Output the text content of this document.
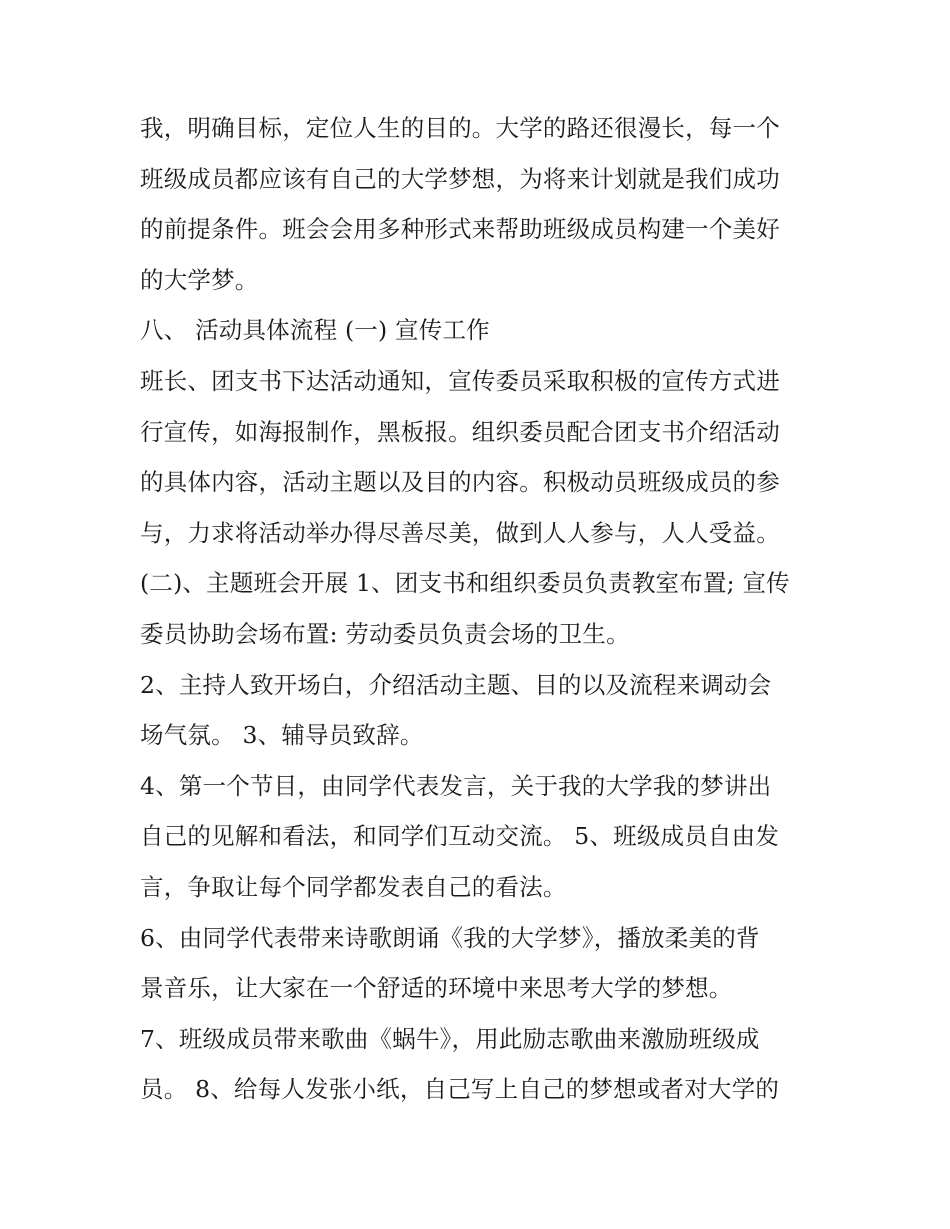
我，明确目标，定位人生的目的。大学的路还很漫长，每一个
班级成员都应该有自己的大学梦想，为将来计划就是我们成功
的前提条件。班会会用多种形式来帮助班级成员构建一个美好
的大学梦。
八、 活动具体流程 (一) 宣传工作
班长、团支书下达活动通知，宣传委员采取积极的宣传方式进
行宣传，如海报制作，黑板报。组织委员配合团支书介绍活动
的具体内容，活动主题以及目的内容。积极动员班级成员的参
与，力求将活动举办得尽善尽美，做到人人参与，人人受益。
(二)、主题班会开展 1、团支书和组织委员负责教室布置; 宣传
委员协助会场布置: 劳动委员负责会场的卫生。
2、主持人致开场白，介绍活动主题、目的以及流程来调动会
场气氛。 3、辅导员致辞。
4、第一个节目，由同学代表发言，关于我的大学我的梦讲出
自己的见解和看法，和同学们互动交流。 5、班级成员自由发
言，争取让每个同学都发表自己的看法。
6、由同学代表带来诗歌朗诵《我的大学梦》，播放柔美的背
景音乐，让大家在一个舒适的环境中来思考大学的梦想。
7、班级成员带来歌曲《蜗牛》，用此励志歌曲来激励班级成
员。 8、给每人发张小纸，自己写上自己的梦想或者对大学的
